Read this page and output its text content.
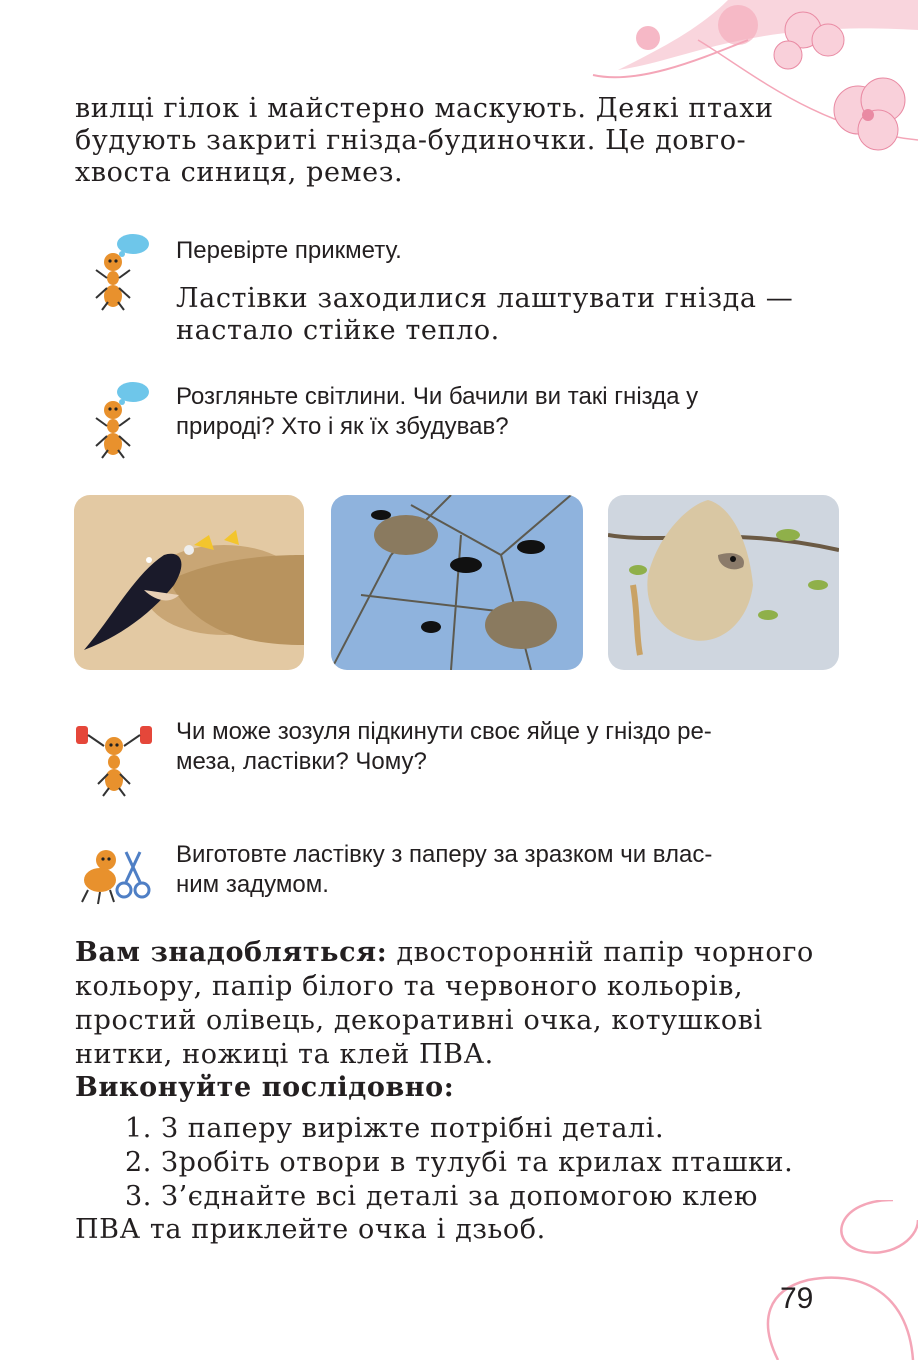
вилці гілок і майстерно маскують. Деякі птахи
будують закриті гнізда-будиночки. Це довго-
хвоста синиця, ремез.

Перевірте прикмету.

Ластівки заходилися лаштувати гнізда —
настало стійке тепло.

Розгляньте світлини. Чи бачили ви такі гнізда у
природі? Хто і як їх збудував?

Чи може зозуля підкинути своє яйце у гніздо ре-
меза, ластівки? Чому?

Виготовте ластівку з паперу за зразком чи влас-
ним задумом.

Вам знадобляться: двосторонній папір чорного
кольору, папір білого та червоного кольорів,
простий олівець, декоративні очка, котушкові
нитки, ножиці та клей ПВА.

Виконуйте послідовно:

1. З паперу виріжте потрібні деталі.

2. Зробіть отвори в тулубі та крилах пташки.

3. З’єднайте всі деталі за допомогою клею
ПВА та приклейте очка і дзьоб.

79
